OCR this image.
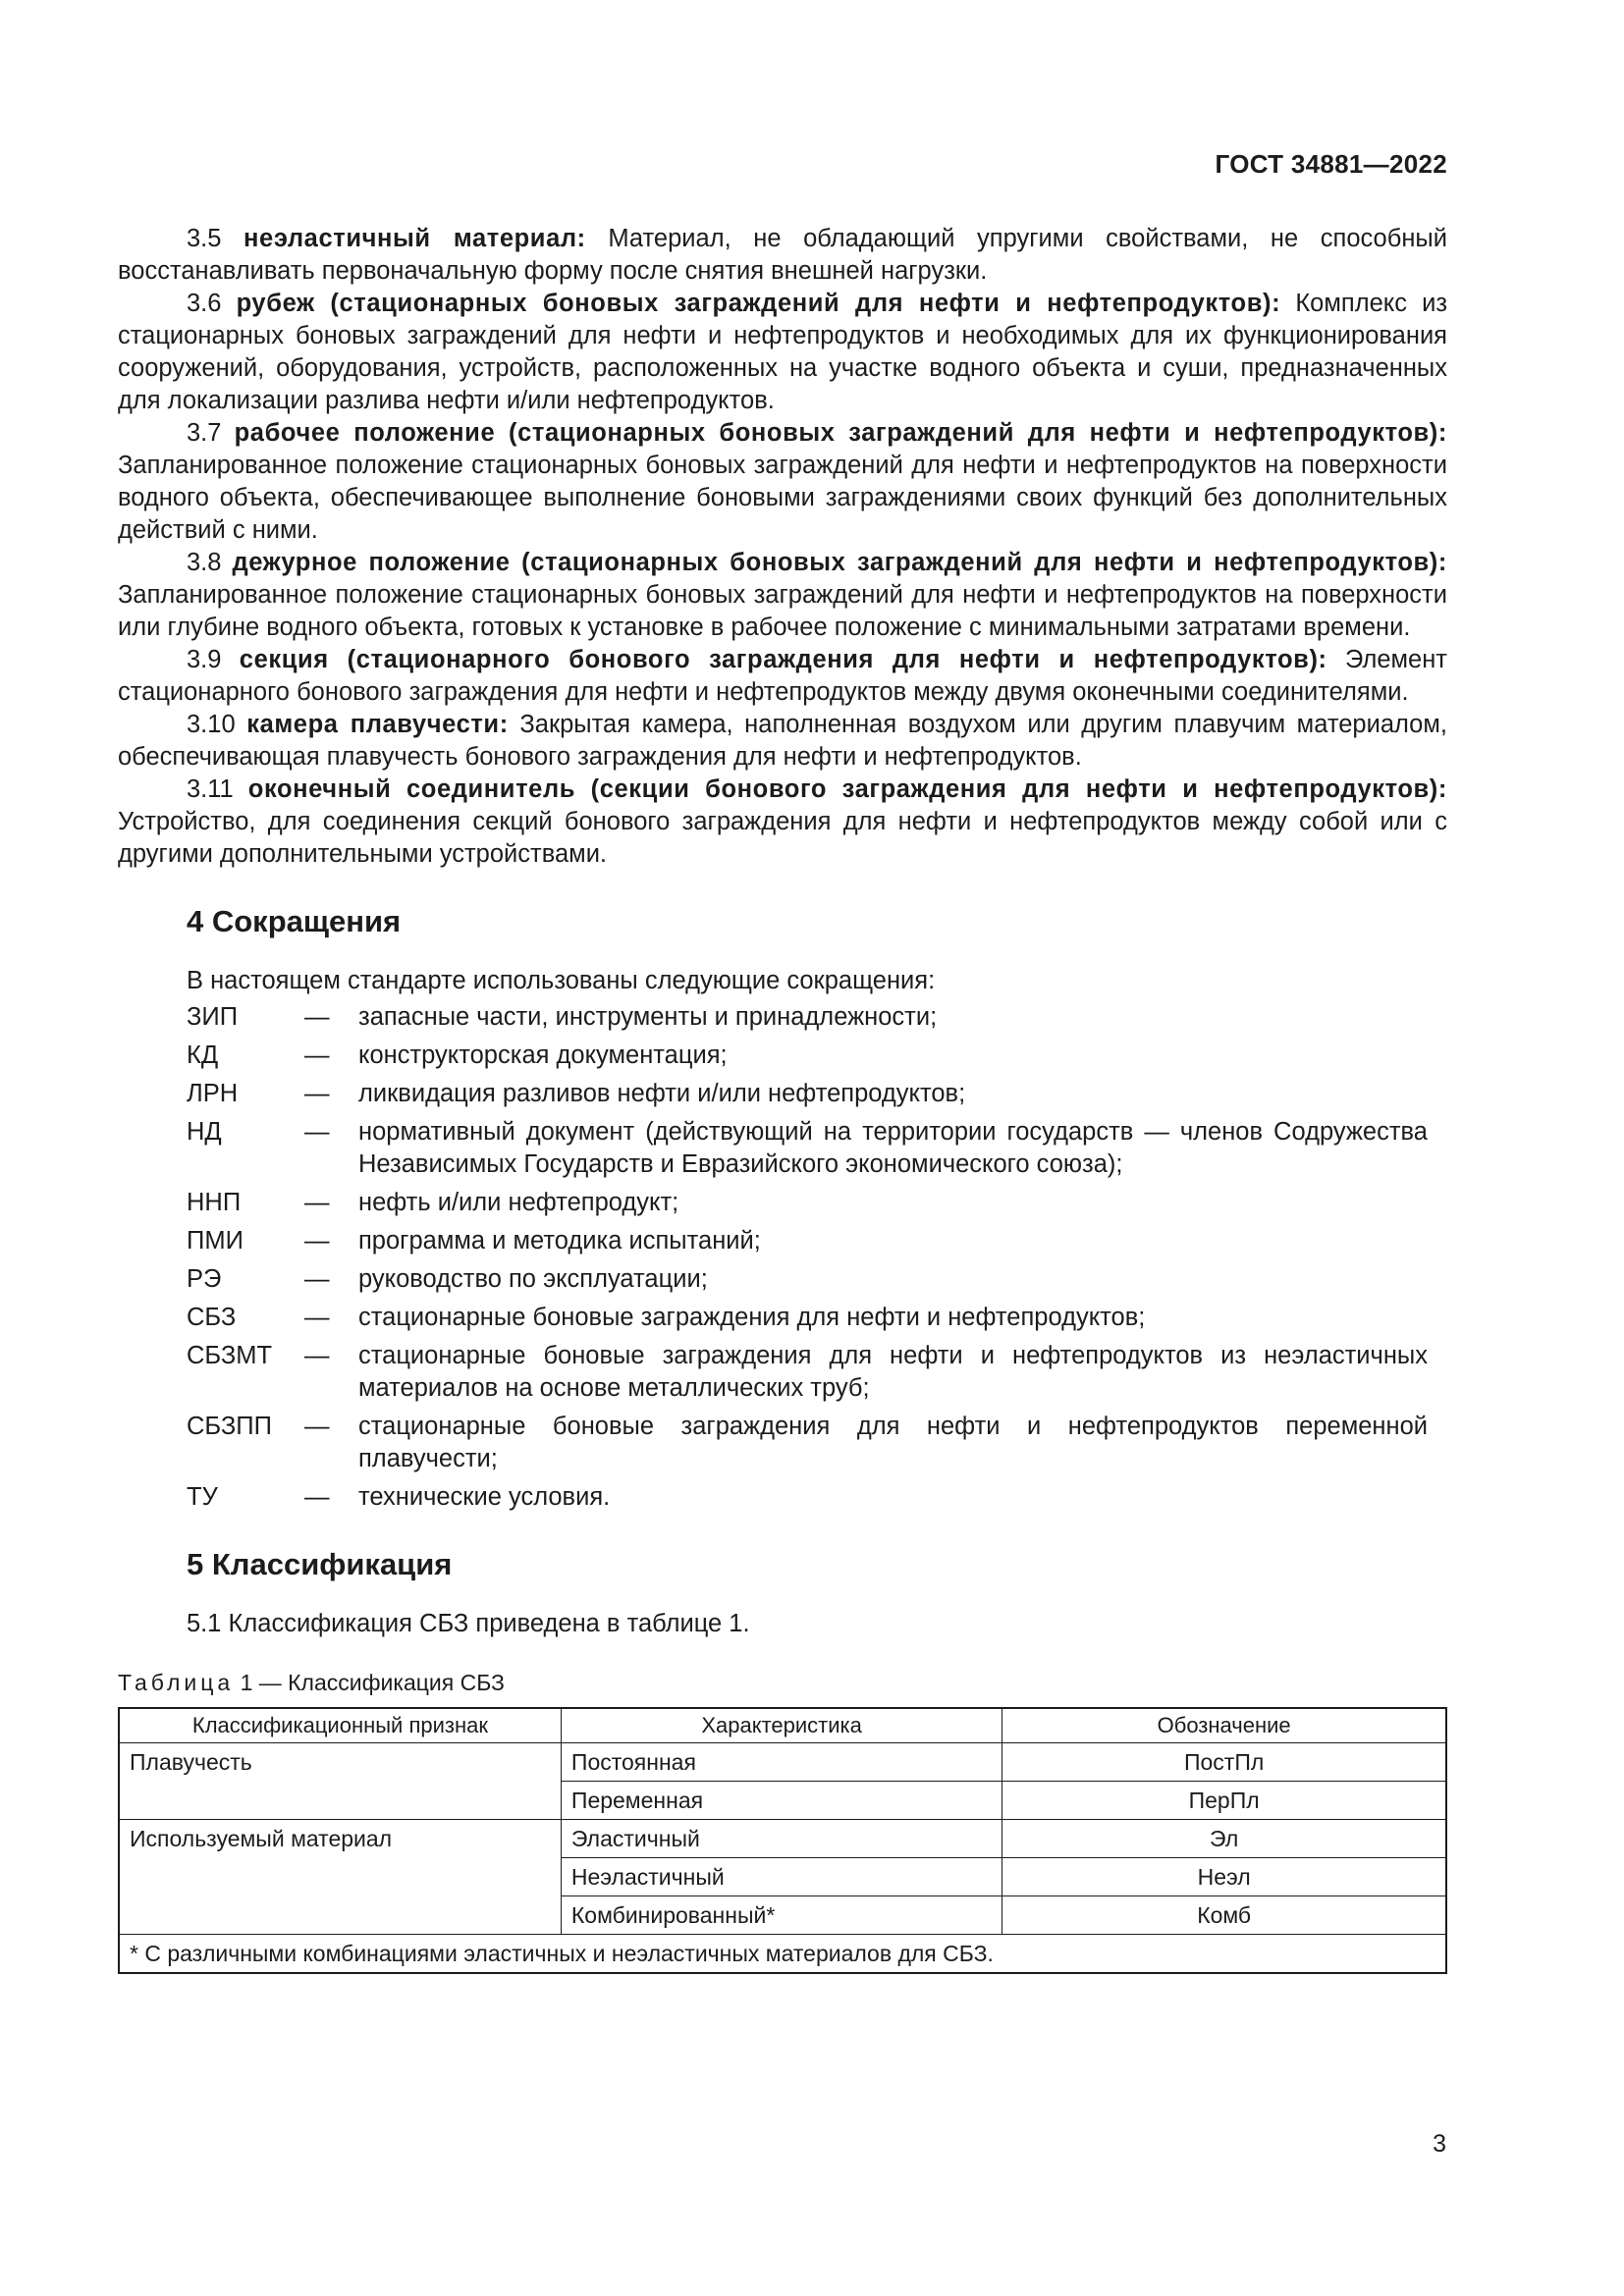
ГОСТ 34881—2022

3.5 неэластичный материал: Материал, не обладающий упругими свойствами, не способный восстанавливать первоначальную форму после снятия внешней нагрузки.

3.6 рубеж (стационарных боновых заграждений для нефти и нефтепродуктов): Комплекс из стационарных боновых заграждений для нефти и нефтепродуктов и необходимых для их функционирования сооружений, оборудования, устройств, расположенных на участке водного объекта и суши, предназначенных для локализации разлива нефти и/или нефтепродуктов.

3.7 рабочее положение (стационарных боновых заграждений для нефти и нефтепродуктов): Запланированное положение стационарных боновых заграждений для нефти и нефтепродуктов на поверхности водного объекта, обеспечивающее выполнение боновыми заграждениями своих функций без дополнительных действий с ними.

3.8 дежурное положение (стационарных боновых заграждений для нефти и нефтепродуктов): Запланированное положение стационарных боновых заграждений для нефти и нефтепродуктов на поверхности или глубине водного объекта, готовых к установке в рабочее положение с минимальными затратами времени.

3.9 секция (стационарного бонового заграждения для нефти и нефтепродуктов): Элемент стационарного бонового заграждения для нефти и нефтепродуктов между двумя оконечными соединителями.

3.10 камера плавучести: Закрытая камера, наполненная воздухом или другим плавучим материалом, обеспечивающая плавучесть бонового заграждения для нефти и нефтепродуктов.

3.11 оконечный соединитель (секции бонового заграждения для нефти и нефтепродуктов): Устройство, для соединения секций бонового заграждения для нефти и нефтепродуктов между собой или с другими дополнительными устройствами.

4 Сокращения

В настоящем стандарте использованы следующие сокращения:

ЗИП	—	запасные части, инструменты и принадлежности;
КД	—	конструкторская документация;
ЛРН	—	ликвидация разливов нефти и/или нефтепродуктов;
НД	—	нормативный документ (действующий на территории государств — членов Содружества Независимых Государств и Евразийского экономического союза);
ННП	—	нефть и/или нефтепродукт;
ПМИ	—	программа и методика испытаний;
РЭ	—	руководство по эксплуатации;
СБЗ	—	стационарные боновые заграждения для нефти и нефтепродуктов;
СБЗМТ	—	стационарные боновые заграждения для нефти и нефтепродуктов из неэластичных материалов на основе металлических труб;
СБЗПП	—	стационарные боновые заграждения для нефти и нефтепродуктов переменной плавучести;
ТУ	—	технические условия.
5 Классификация

5.1 Классификация СБЗ приведена в таблице 1.

Таблица 1 — Классификация СБЗ
Классификационный признак	Характеристика	Обозначение
Плавучесть	Постоянная	ПостПл
	Переменная	ПерПл
Используемый материал	Эластичный	Эл
	Неэластичный	Неэл
	Комбинированный*	Комб
* С различными комбинациями эластичных и неэластичных материалов для СБЗ.		
3
